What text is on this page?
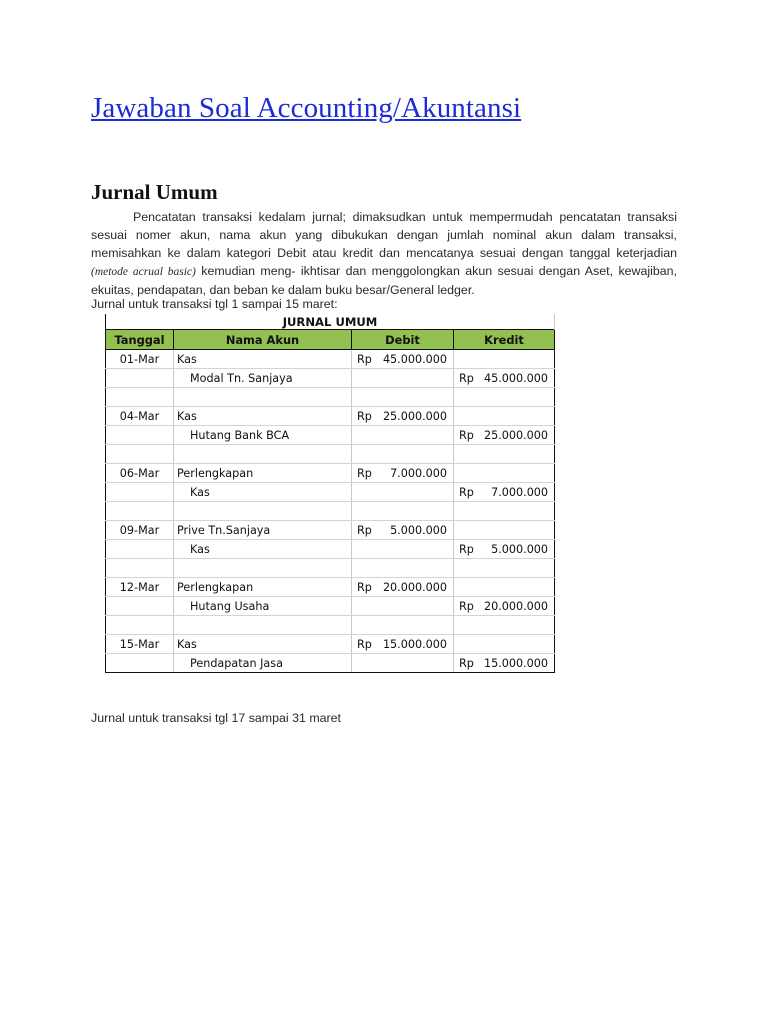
Jawaban Soal Accounting/Akuntansi
Jurnal Umum

Pencatatan transaksi kedalam jurnal; dimaksudkan untuk mempermudah pencatatan transaksi sesuai nomer akun, nama akun yang dibukukan dengan jumlah nominal akun dalam transaksi, memisahkan ke dalam kategori Debit atau kredit dan mencatanya sesuai dengan tanggal keterjadian (metode acrual basic) kemudian meng- ikhtisar dan menggolongkan akun sesuai dengan Aset, kewajiban, ekuitas, pendapatan, dan beban ke dalam buku besar/General ledger.

Jurnal untuk transaksi tgl 1 sampai 15 maret:

JURNAL UMUM			
Tanggal	Nama Akun	Debit	Kredit
01-Mar	Kas	Rp 45.000.000	

	Modal Tn. Sanjaya		Rp 45.000.000

04-Mar	Kas	Rp 25.000.000	

	Hutang Bank BCA		Rp 25.000.000

06-Mar	Perlengkapan	Rp 7.000.000	

	Kas		Rp 7.000.000

09-Mar	Prive Tn.Sanjaya	Rp 5.000.000	

	Kas		Rp 5.000.000

12-Mar	Perlengkapan	Rp 20.000.000	

	Hutang Usaha		Rp 20.000.000

15-Mar	Kas	Rp 15.000.000	

	Pendapatan Jasa		Rp 15.000.000

Jurnal untuk transaksi tgl 17 sampai 31 maret
